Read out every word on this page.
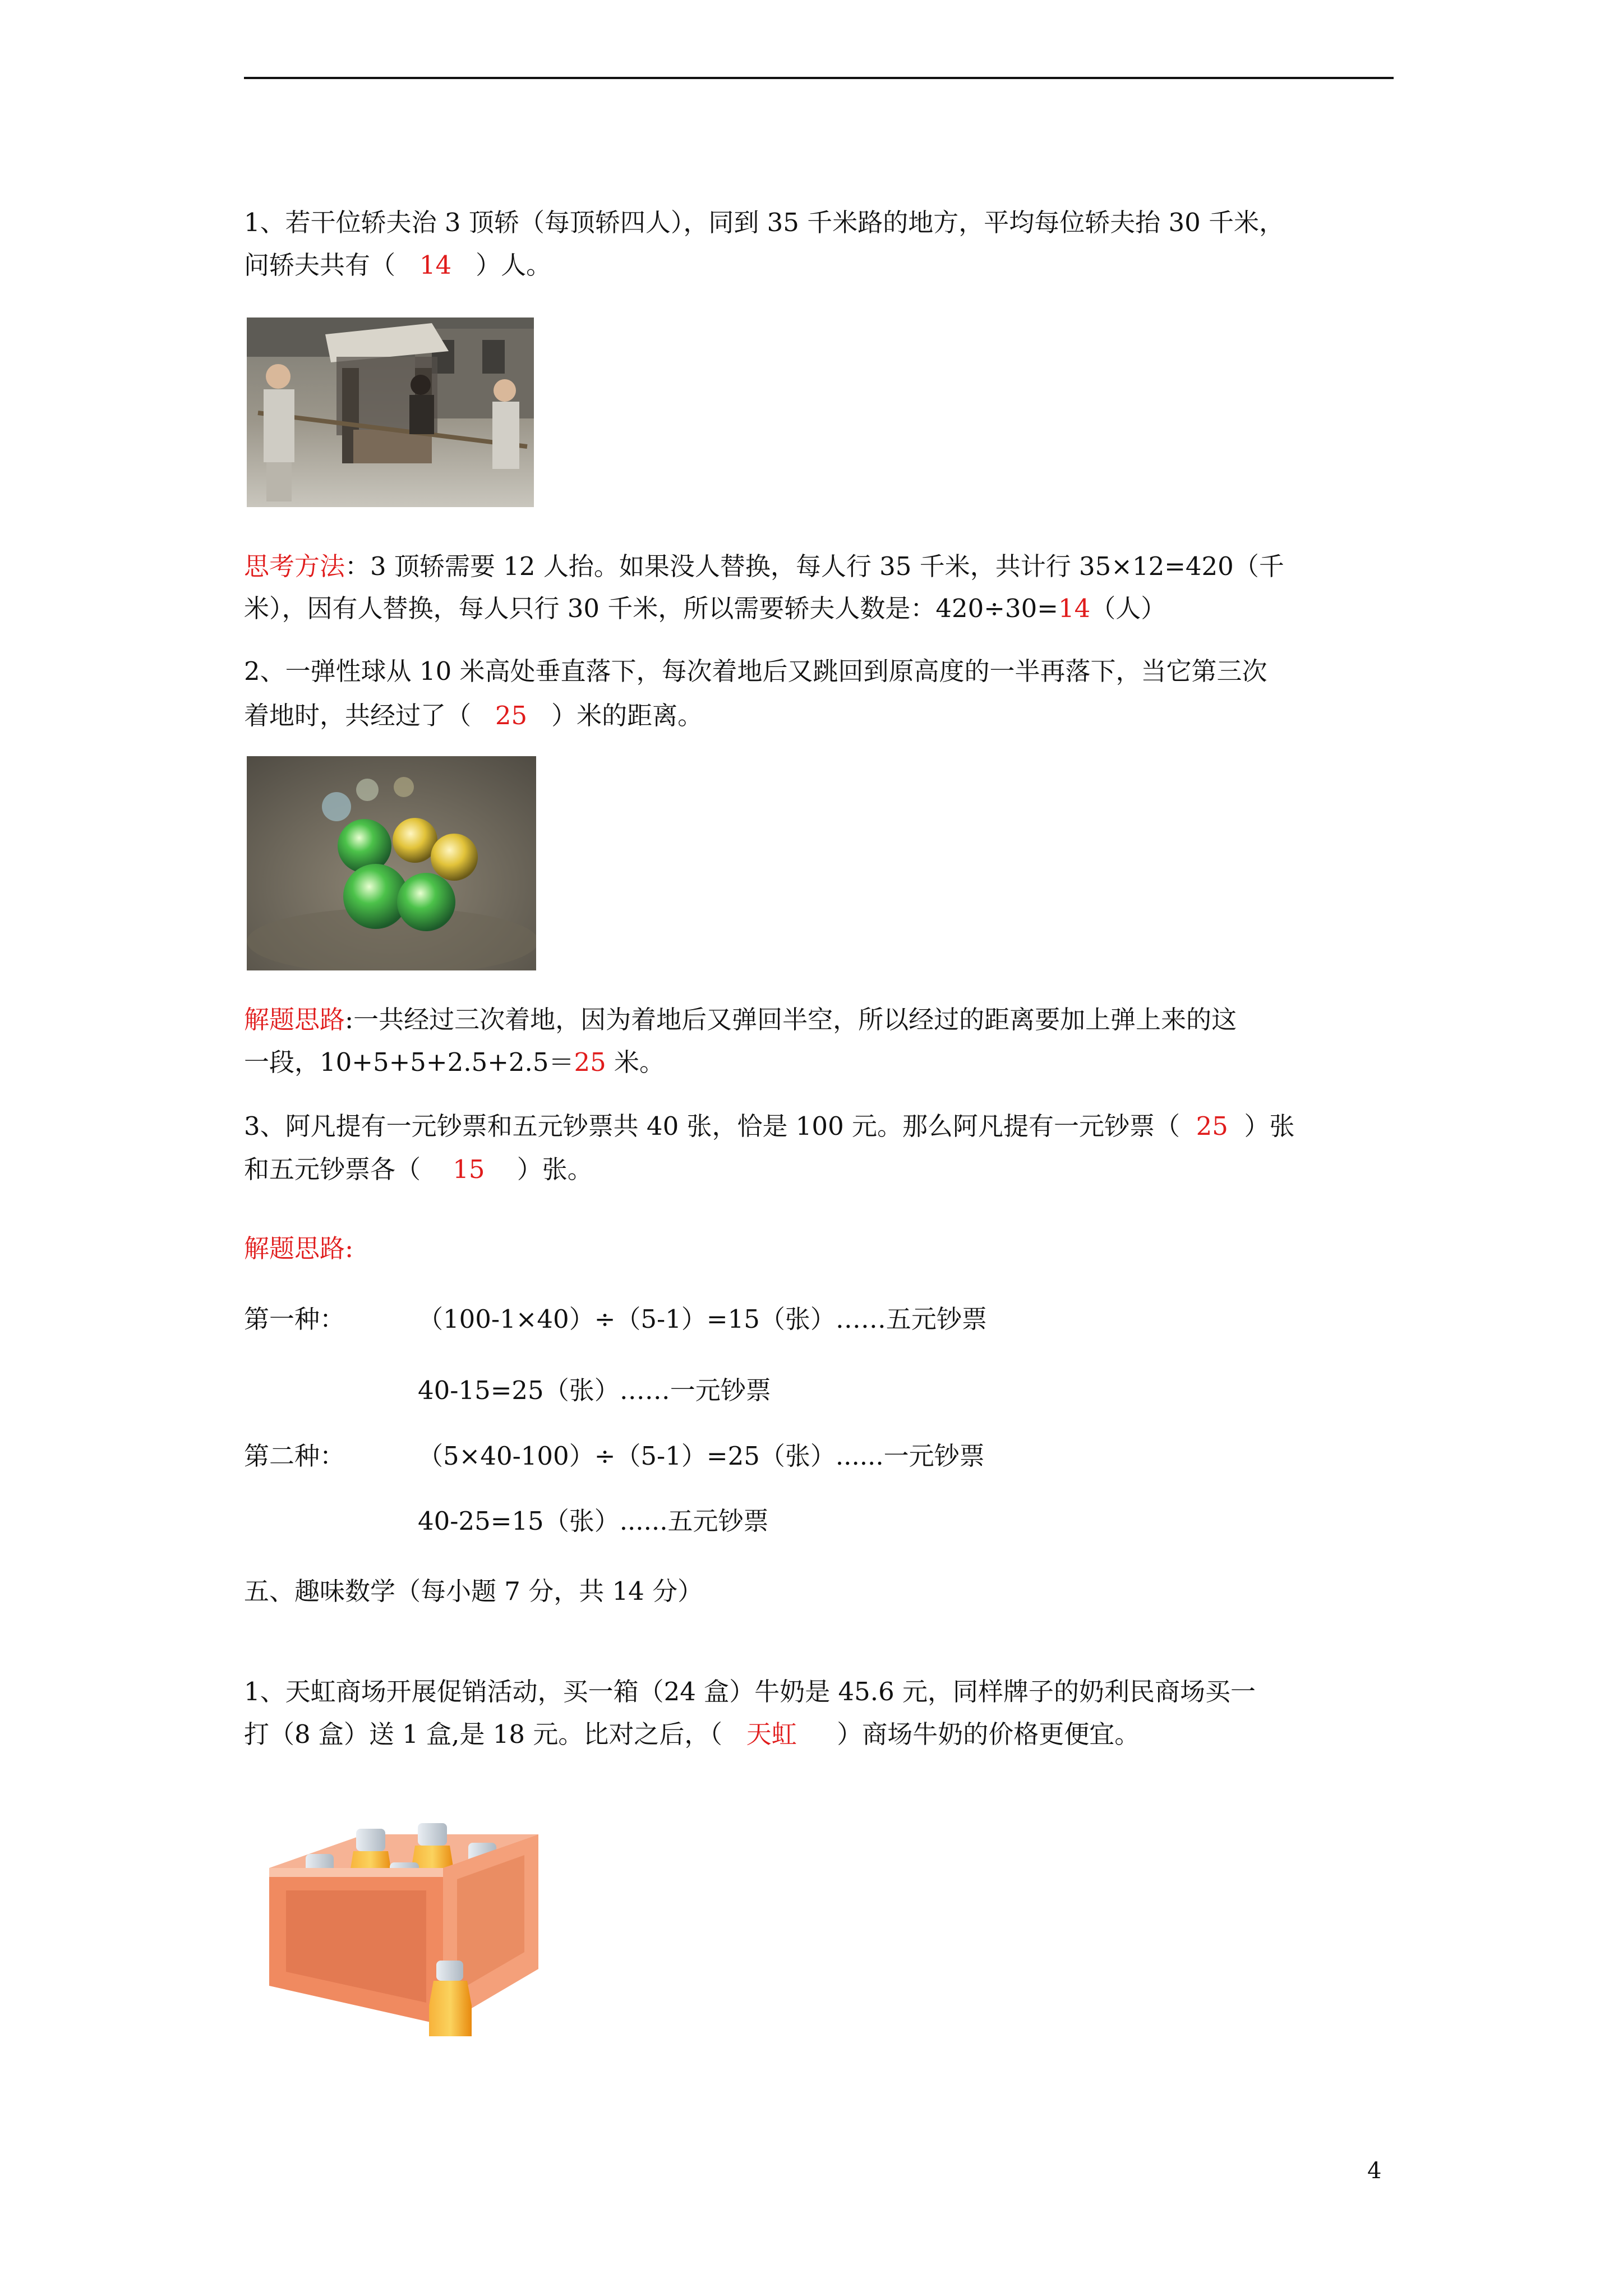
1、若干位轿夫治 3 顶轿（每顶轿四人），同到 35 千米路的地方，平均每位轿夫抬 30 千米，
问轿夫共有（   14   ）人。
思考方法：3 顶轿需要 12 人抬。如果没人替换，每人行 35 千米，共计行 35×12=420（千
米），因有人替换，每人只行 30 千米，所以需要轿夫人数是：420÷30=14（人）
2、一弹性球从 10 米高处垂直落下，每次着地后又跳回到原高度的一半再落下，当它第三次
着地时，共经过了（   25   ）米的距离。
解题思路:一共经过三次着地，因为着地后又弹回半空，所以经过的距离要加上弹上来的这
一段，10+5+5+2.5+2.5＝25 米。
3、阿凡提有一元钞票和五元钞票共 40 张，恰是 100 元。那么阿凡提有一元钞票（  25  ）张
和五元钞票各（    15    ）张。
解题思路:
第一种：	（100-1×40）÷（5-1）=15（张）……五元钞票
40-15=25（张）……一元钞票
第二种：	（5×40-100）÷（5-1）=25（张）......一元钞票
40-25=15（张）......五元钞票
五、趣味数学（每小题 7 分，共 14 分）
1、天虹商场开展促销活动，买一箱（24 盒）牛奶是 45.6 元，同样牌子的奶利民商场买一
打（8 盒）送 1 盒,是 18 元。比对之后，（   天虹     ）商场牛奶的价格更便宜。
4
